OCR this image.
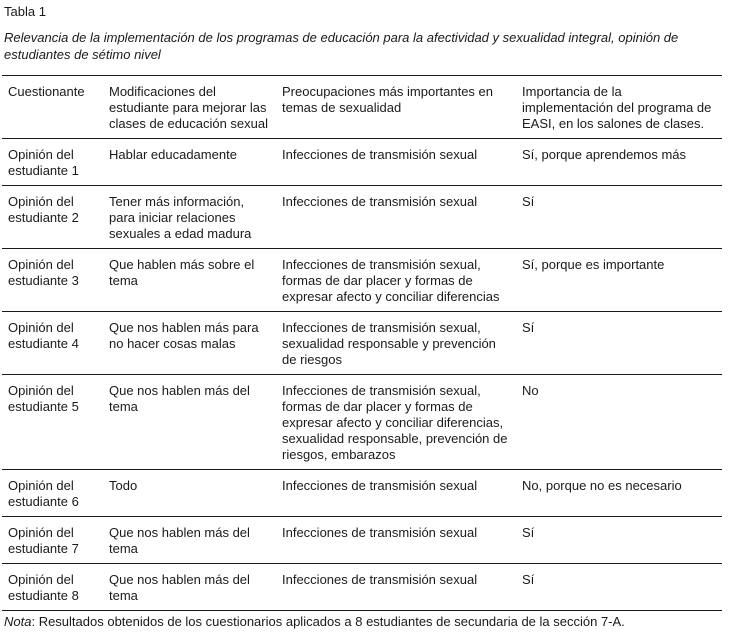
Tabla 1
Relevancia de la implementación de los programas de educación para la afectividad y sexualidad integral, opinión de estudiantes de sétimo nivel
Cuestionante	Modificaciones del estudiante para mejorar las clases de educación sexual	Preocupaciones más importantes en temas de sexualidad	Importancia de la implementación del programa de EASI, en los salones de clases.
Opinión del estudiante 1	Hablar educadamente	Infecciones de transmisión sexual	Sí, porque aprendemos más
Opinión del estudiante 2	Tener más información, para iniciar relaciones sexuales a edad madura	Infecciones de transmisión sexual	Sí
Opinión del estudiante 3	Que hablen más sobre el tema	Infecciones de transmisión sexual, formas de dar placer y formas de expresar afecto y conciliar diferencias	Sí, porque es importante
Opinión del estudiante 4	Que nos hablen más para no hacer cosas malas	Infecciones de transmisión sexual, sexualidad responsable y prevención de riesgos	Sí
Opinión del estudiante 5	Que nos hablen más del tema	Infecciones de transmisión sexual, formas de dar placer y formas de expresar afecto y conciliar diferencias, sexualidad responsable, prevención de riesgos, embarazos	No
Opinión del estudiante 6	Todo	Infecciones de transmisión sexual	No, porque no es necesario
Opinión del estudiante 7	Que nos hablen más del tema	Infecciones de transmisión sexual	Sí
Opinión del estudiante 8	Que nos hablen más del tema	Infecciones de transmisión sexual	Sí
Nota: Resultados obtenidos de los cuestionarios aplicados a 8 estudiantes de secundaria de la sección 7-A.
